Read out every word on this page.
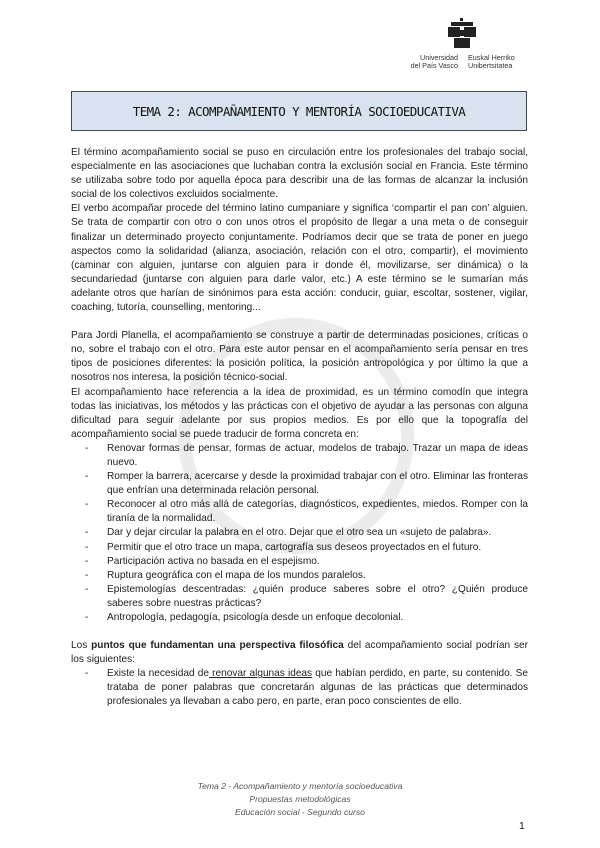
Universidad
del País Vasco
Euskal Herriko
Unibertsitatea
TEMA 2: ACOMPAÑAMIENTO Y MENTORÍA SOCIOEDUCATIVA

El término acompañamiento social se puso en circulación entre los profesionales del trabajo social, especialmente en las asociaciones que luchaban contra la exclusión social en Francia. Este término se utilizaba sobre todo por aquella época para describir una de las formas de alcanzar la inclusión social de los colectivos excluidos socialmente.

El verbo acompañar procede del término latino cumpaniare y significa ‘compartir el pan con’ alguien. Se trata de compartir con otro o con unos otros el propósito de llegar a una meta o de conseguir finalizar un determinado proyecto conjuntamente. Podríamos decir que se trata de poner en juego aspectos como la solidaridad (alianza, asociación, relación con el otro, compartir), el movimiento (caminar con alguien, juntarse con alguien para ir donde él, movilizarse, ser dinámica) o la secundariedad (juntarse con alguien para darle valor, etc.) A este término se le sumarían más adelante otros que harían de sinónimos para esta acción: conducir, guiar, escoltar, sostener, vigilar, coaching, tutoría, counselling, mentoring...

Para Jordi Planella, el acompañamiento se construye a partir de determinadas posiciones, críticas o no, sobre el trabajo con el otro. Para este autor pensar en el acompañamiento sería pensar en tres tipos de posiciones diferentes: la posición política, la posición antropológica y por último la que a nosotros nos interesa, la posición técnico-social.

El acompañamiento hace referencia a la idea de proximidad, es un término comodín que integra todas las iniciativas, los métodos y las prácticas con el objetivo de ayudar a las personas con alguna dificultad para seguir adelante por sus propios medios. Es por ello que la topografía del acompañamiento social se puede traducir de forma concreta en:

- Renovar formas de pensar, formas de actuar, modelos de trabajo. Trazar un mapa de ideas nuevo.
- Romper la barrera, acercarse y desde la proximidad trabajar con el otro. Eliminar las fronteras que enfrían una determinada relación personal.
- Reconocer al otro más allá de categorías, diagnósticos, expedientes, miedos. Romper con la tiranía de la normalidad.
- Dar y dejar circular la palabra en el otro. Dejar que el otro sea un «sujeto de palabra».
- Permitir que el otro trace un mapa, cartografía sus deseos proyectados en el futuro.
- Participación activa no basada en el espejismo.
- Ruptura geográfica con el mapa de los mundos paralelos.
- Epistemologías descentradas: ¿quién produce saberes sobre el otro? ¿Quién produce saberes sobre nuestras prácticas?
- Antropología, pedagogía, psicología desde un enfoque decolonial.

Los puntos que fundamentan una perspectiva filosófica del acompañamiento social podrían ser los siguientes:

- Existe la necesidad de renovar algunas ideas que habían perdido, en parte, su contenido. Se trataba de poner palabras que concretarán algunas de las prácticas que determinados profesionales ya llevaban a cabo pero, en parte, eran poco conscientes de ello.
Tema 2 - Acompañamiento y mentoría socioeducativa
Propuestas metodológicas
Educación social - Segundo curso
1
